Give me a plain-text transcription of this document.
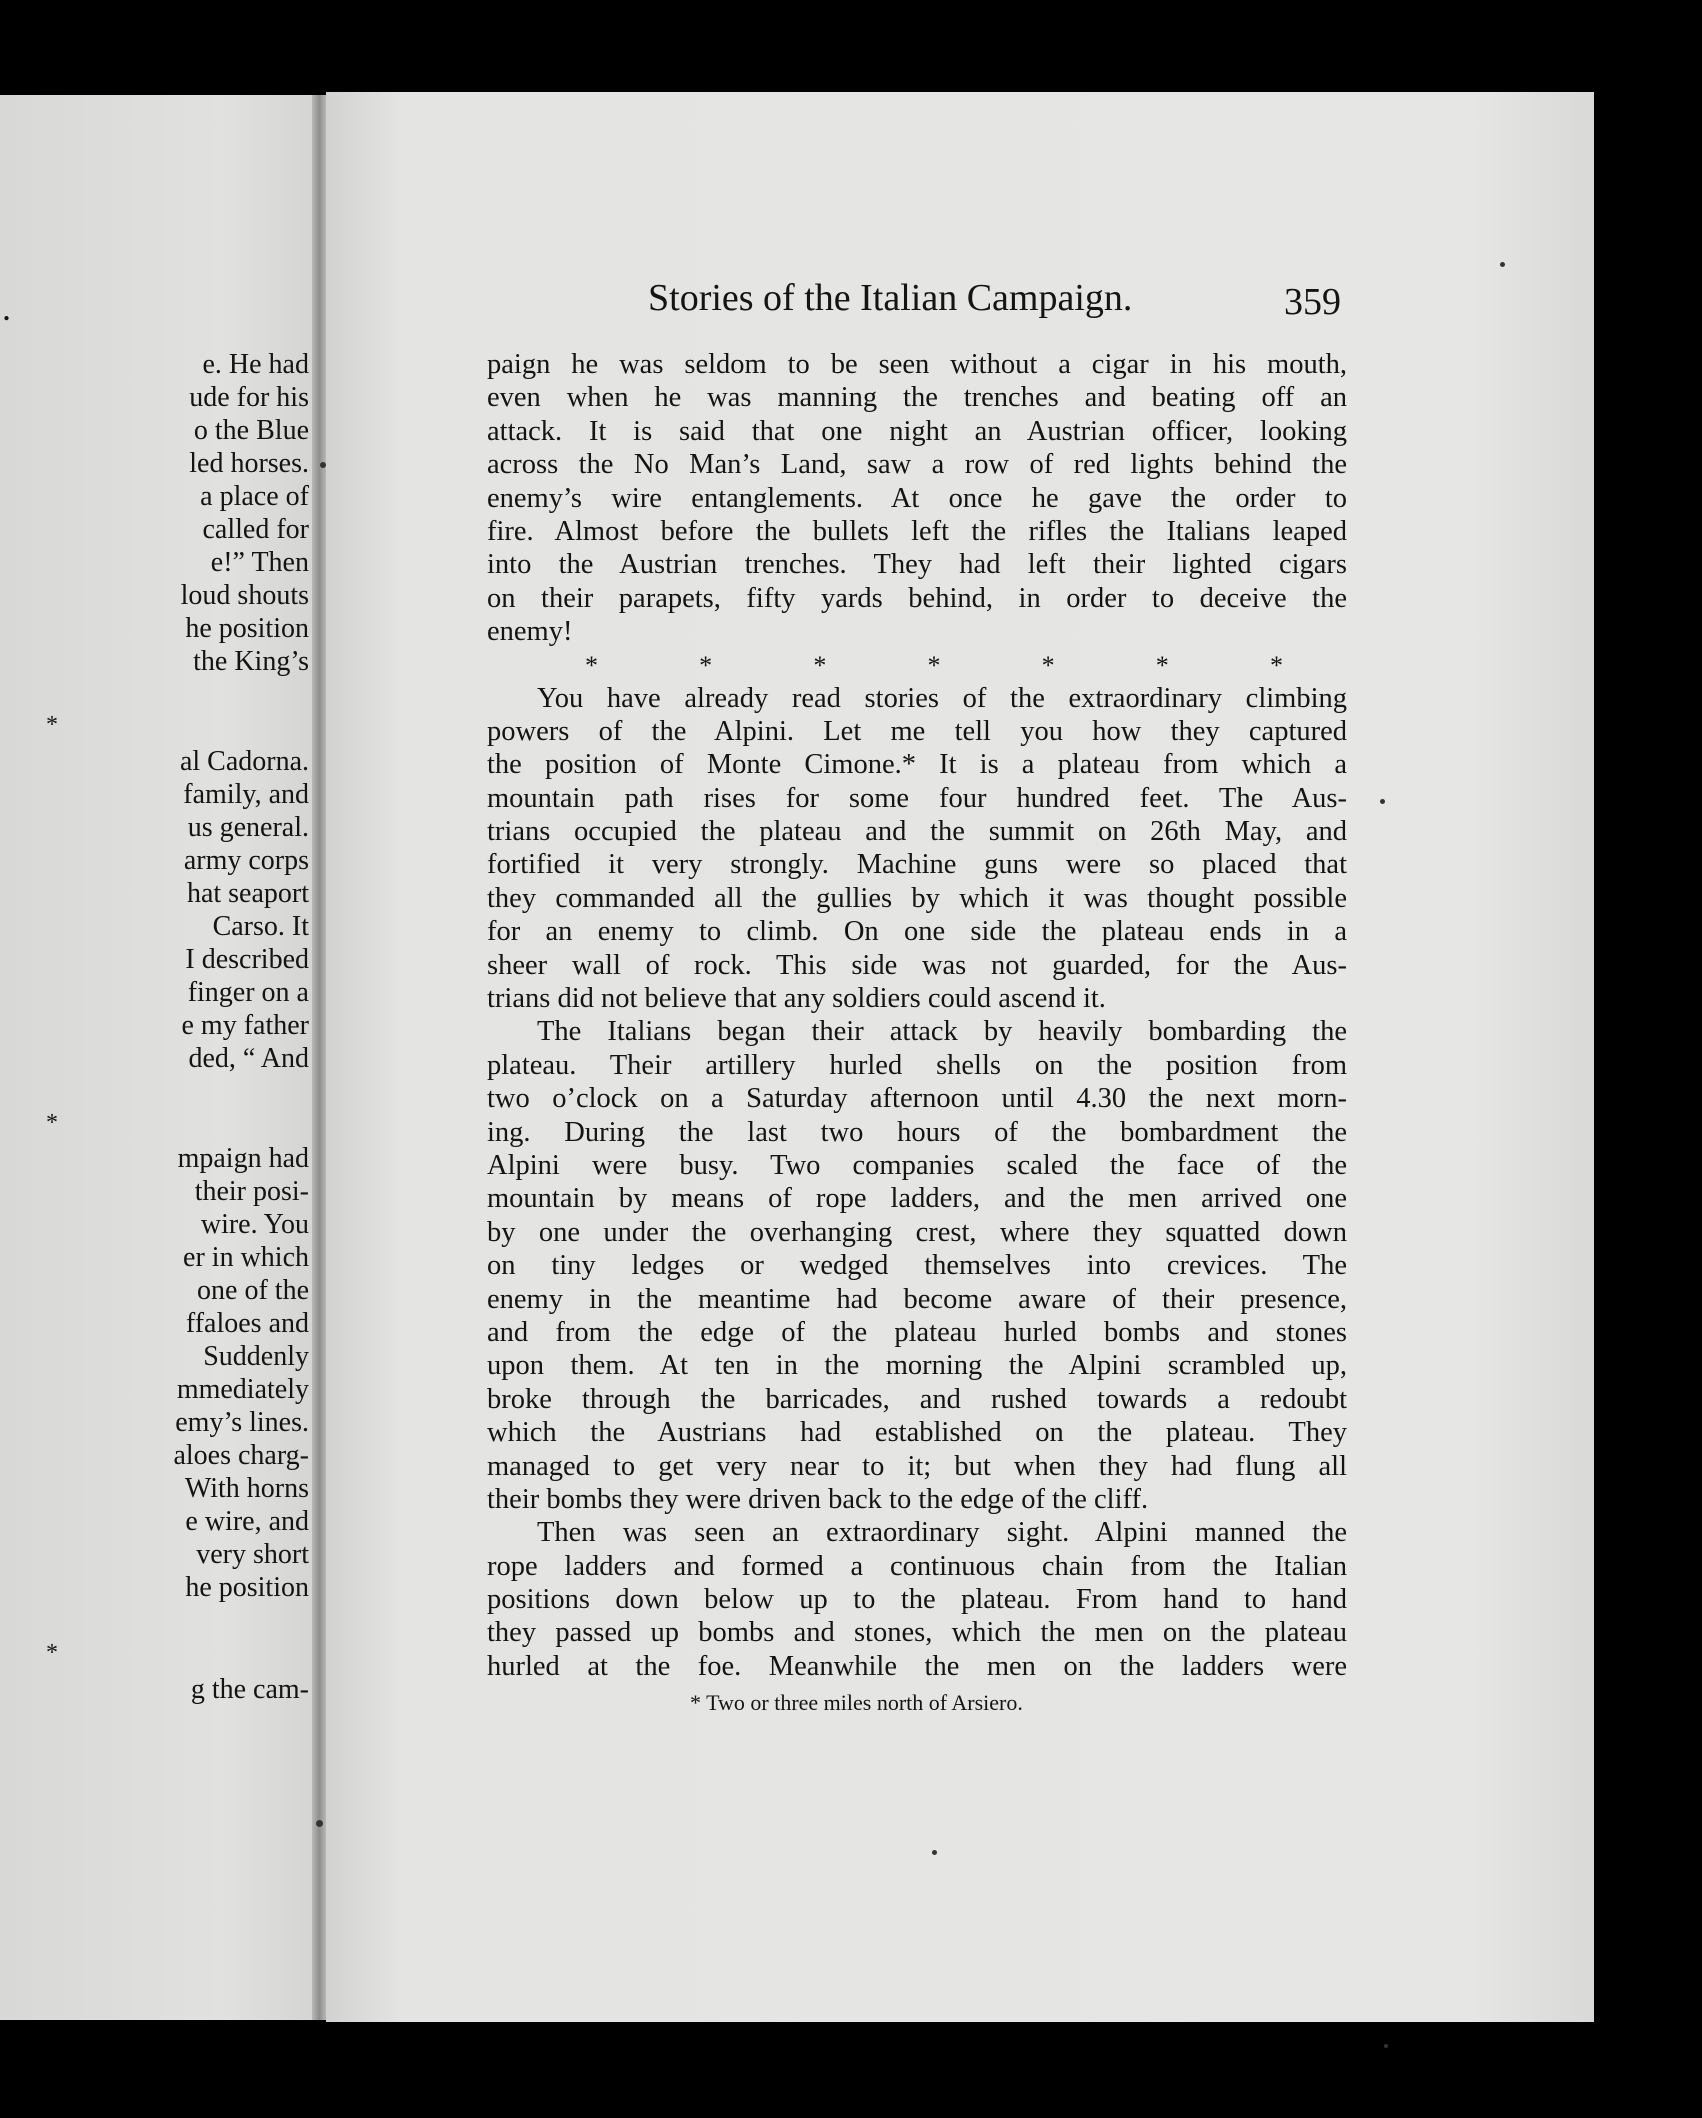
e. He had
ude for his
o the Blue
led horses.
a place of
called for
e!” Then
loud shouts
he position
the King’s
al Cadorna.
family, and
us general.
army corps
hat seaport
Carso. It
I described
finger on a
e my father
ded, “ And
mpaign had
their posi-
wire. You
er in which
one of the
ffaloes and
Suddenly
mmediately
emy’s lines.
aloes charg-
With horns
e wire, and
very short
he position
g the cam-
*
*
*
.	Stories of the Italian Campaign.	359
paign he was seldom to be seen without a cigar in his mouth,
even when he was manning the trenches and beating off an
attack. It is said that one night an Austrian officer, looking
across the No Man’s Land, saw a row of red lights behind the
enemy’s wire entanglements. At once he gave the order to
fire. Almost before the bullets left the rifles the Italians leaped
into the Austrian trenches. They had left their lighted cigars
on their parapets, fifty yards behind, in order to deceive the
enemy!
*	*	*	*	*	*	*
You have already read stories of the extraordinary climbing
powers of the Alpini. Let me tell you how they captured
the position of Monte Cimone.* It is a plateau from which a
mountain path rises for some four hundred feet. The Aus-
trians occupied the plateau and the summit on 26th May, and
fortified it very strongly. Machine guns were so placed that
they commanded all the gullies by which it was thought possible
for an enemy to climb. On one side the plateau ends in a
sheer wall of rock. This side was not guarded, for the Aus-
trians did not believe that any soldiers could ascend it.
The Italians began their attack by heavily bombarding the
plateau. Their artillery hurled shells on the position from
two o’clock on a Saturday afternoon until 4.30 the next morn-
ing. During the last two hours of the bombardment the
Alpini were busy. Two companies scaled the face of the
mountain by means of rope ladders, and the men arrived one
by one under the overhanging crest, where they squatted down
on tiny ledges or wedged themselves into crevices. The
enemy in the meantime had become aware of their presence,
and from the edge of the plateau hurled bombs and stones
upon them. At ten in the morning the Alpini scrambled up,
broke through the barricades, and rushed towards a redoubt
which the Austrians had established on the plateau. They
managed to get very near to it; but when they had flung all
their bombs they were driven back to the edge of the cliff.
Then was seen an extraordinary sight. Alpini manned the
rope ladders and formed a continuous chain from the Italian
positions down below up to the plateau. From hand to hand
they passed up bombs and stones, which the men on the plateau
hurled at the foe. Meanwhile the men on the ladders were
* Two or three miles north of Arsiero.
